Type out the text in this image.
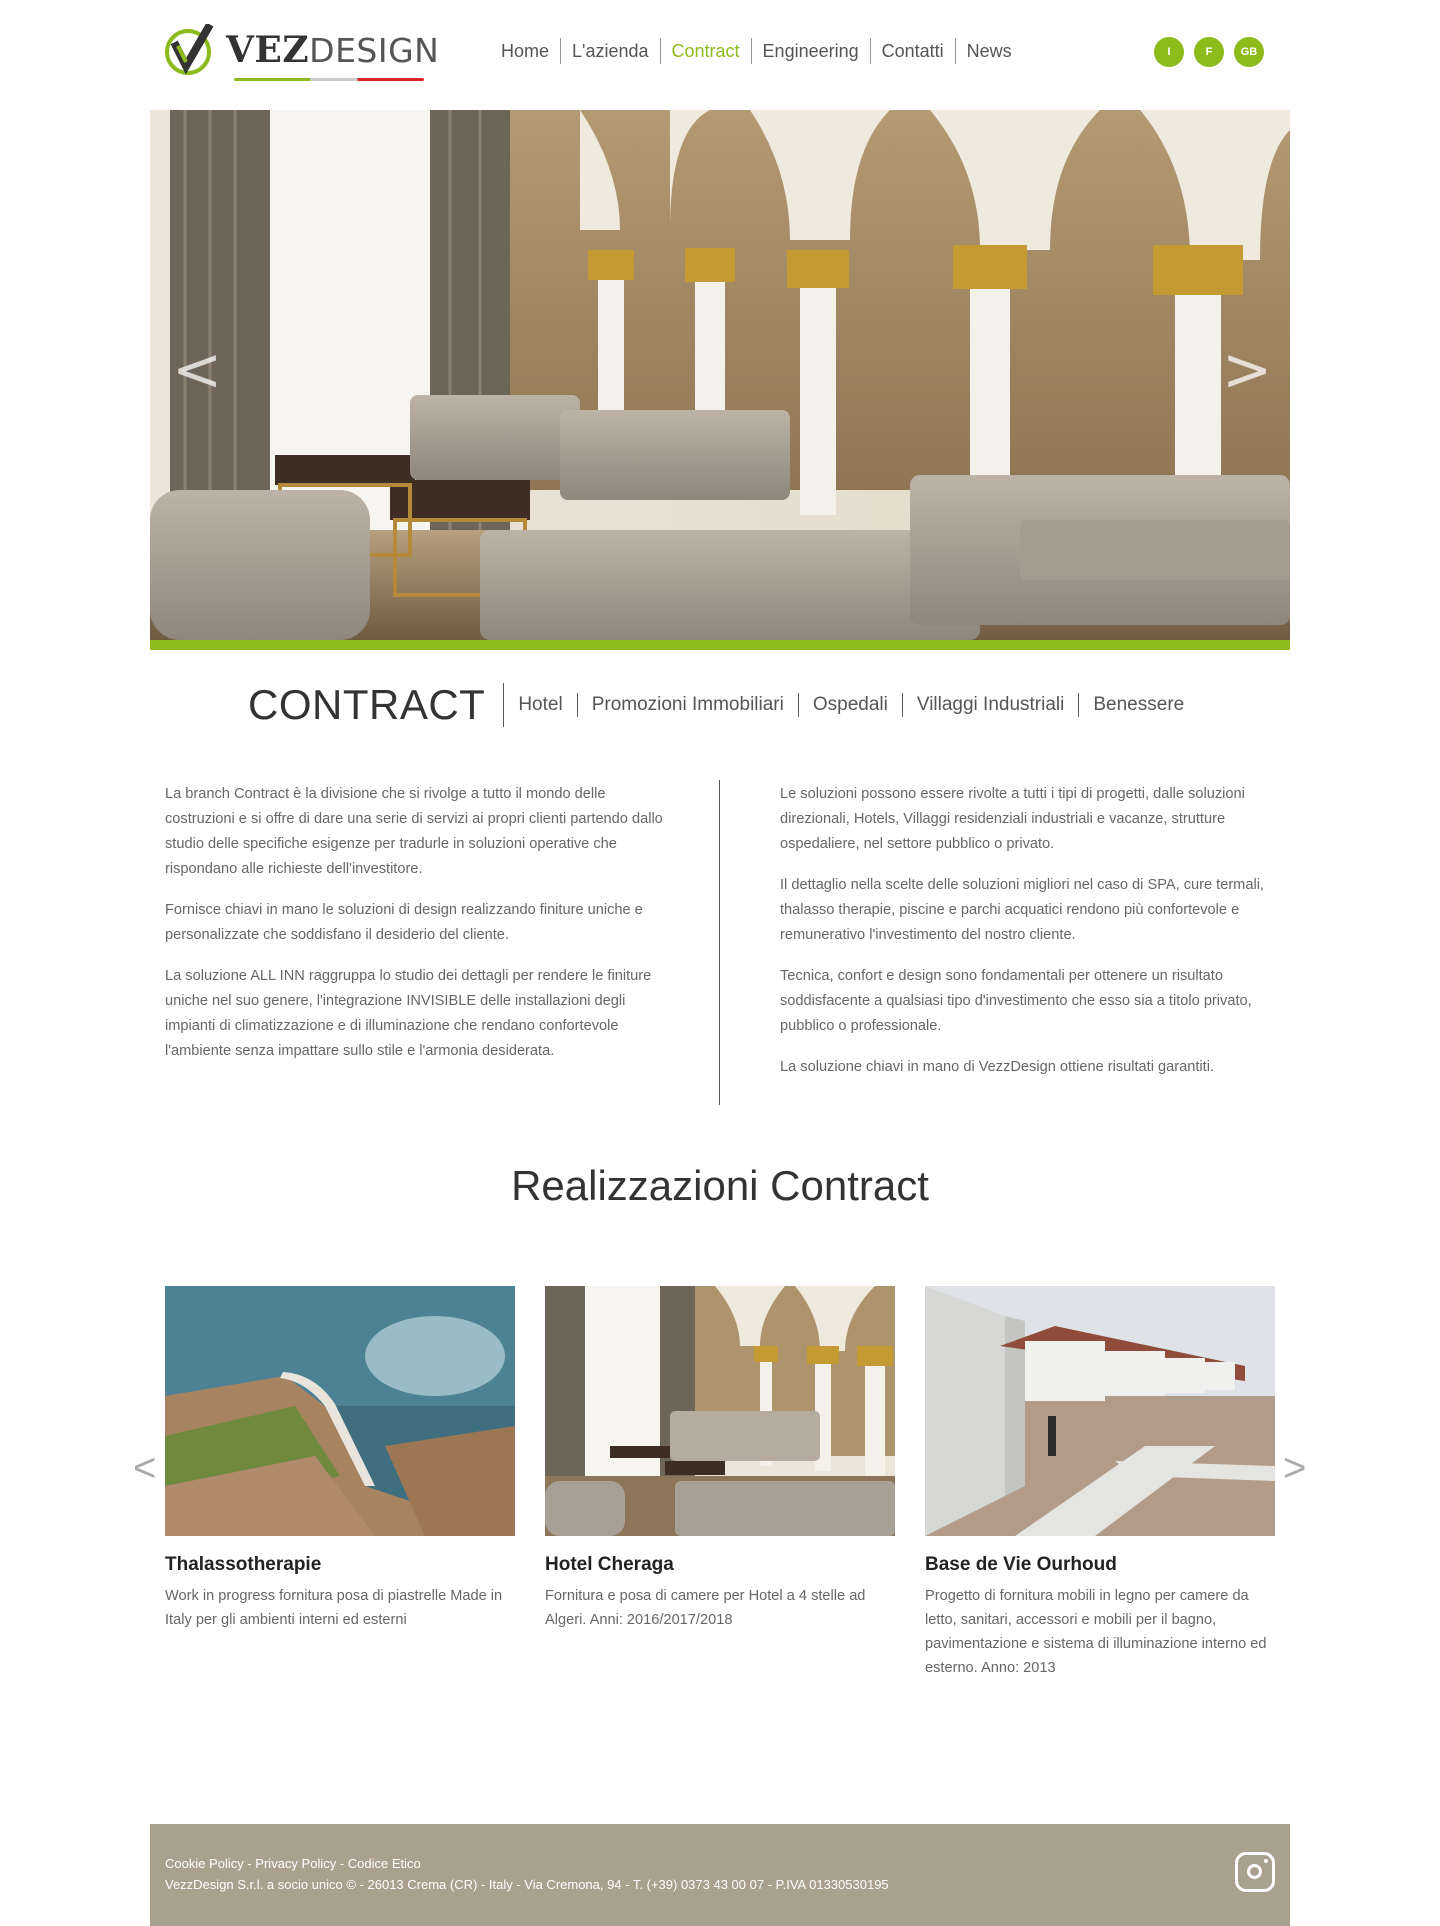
VEZDESIGN	Home	L'azienda	Contract	Engineering	Contatti	News	I	F	GB
<	>
CONTRACT	Hotel	Promozioni Immobiliari	Ospedali	Villaggi Industriali	Benessere

La branch Contract è la divisione che si rivolge a tutto il mondo delle costruzioni e si offre di dare una serie di servizi ai propri clienti partendo dallo studio delle specifiche esigenze per tradurle in soluzioni operative che rispondano alle richieste dell'investitore.

Fornisce chiavi in mano le soluzioni di design realizzando finiture uniche e personalizzate che soddisfano il desiderio del cliente.

La soluzione ALL INN raggruppa lo studio dei dettagli per rendere le finiture uniche nel suo genere, l'integrazione INVISIBLE delle installazioni degli impianti di climatizzazione e di illuminazione che rendano confortevole l'ambiente senza impattare sullo stile e l'armonia desiderata.

Le soluzioni possono essere rivolte a tutti i tipi di progetti, dalle soluzioni direzionali, Hotels, Villaggi residenziali industriali e vacanze, strutture ospedaliere, nel settore pubblico o privato.

Il dettaglio nella scelte delle soluzioni migliori nel caso di SPA, cure termali, thalasso therapie, piscine e parchi acquatici rendono più confortevole e remunerativo l'investimento del nostro cliente.

Tecnica, confort e design sono fondamentali per ottenere un risultato soddisfacente a qualsiasi tipo d'investimento che esso sia a titolo privato, pubblico o professionale.

La soluzione chiavi in mano di VezzDesign ottiene risultati garantiti.

Realizzazioni Contract
<	>
Thalassotherapie
Work in progress fornitura posa di piastrelle Made in Italy per gli ambienti interni ed esterni
Hotel Cheraga
Fornitura e posa di camere per Hotel a 4 stelle ad Algeri. Anni: 2016/2017/2018
Base de Vie Ourhoud
Progetto di fornitura mobili in legno per camere da letto, sanitari, accessori e mobili per il bagno, pavimentazione e sistema di illuminazione interno ed esterno. Anno: 2013
Cookie Policy - Privacy Policy - Codice Etico
VezzDesign S.r.l. a socio unico © - 26013 Crema (CR) - Italy - Via Cremona, 94 - T. (+39) 0373 43 00 07 - P.IVA 01330530195
